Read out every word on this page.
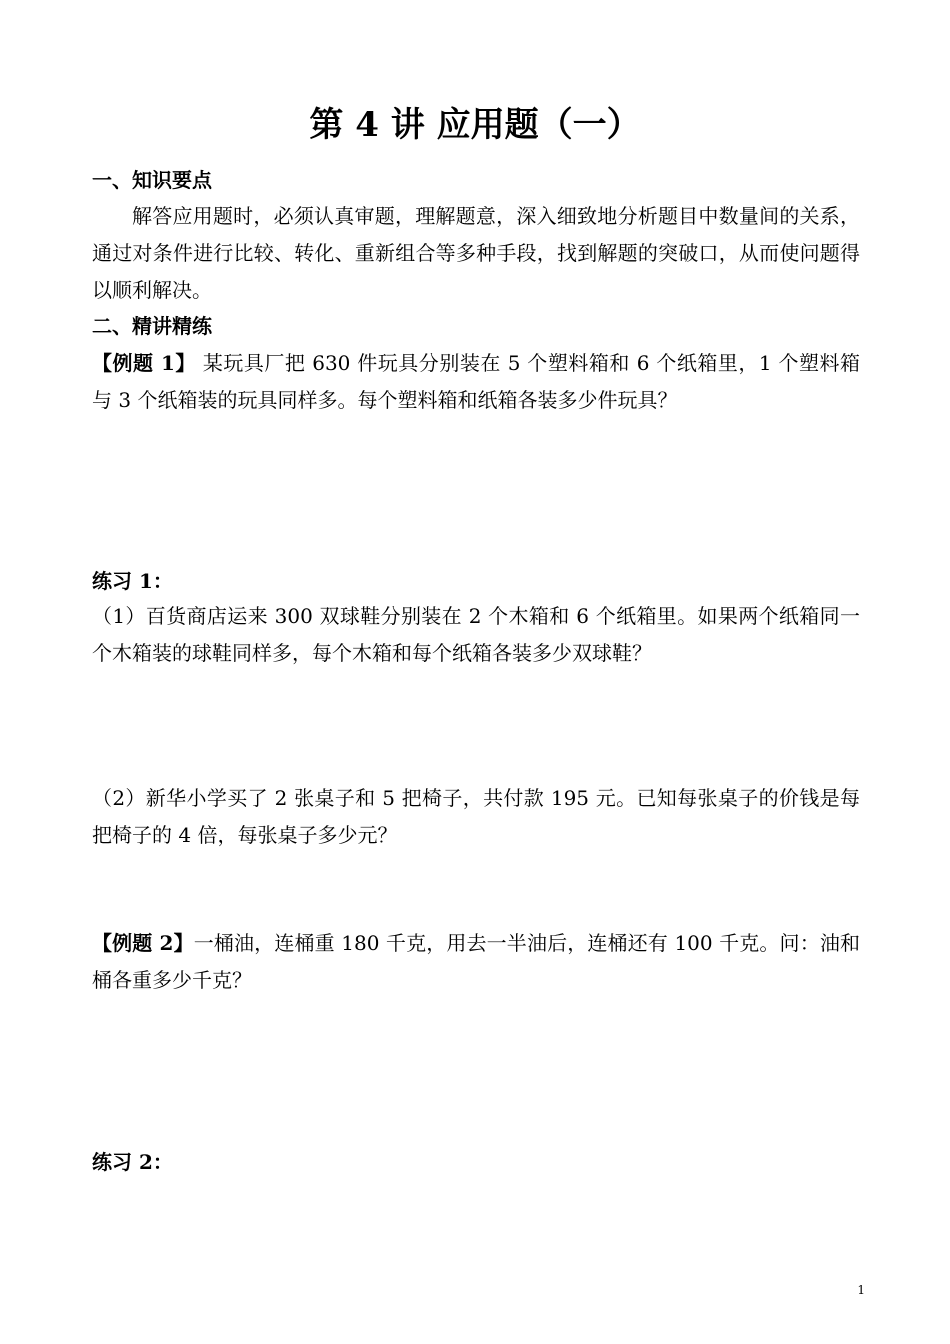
第 4 讲 应用题（一）
一、知识要点

解答应用题时，必须认真审题，理解题意，深入细致地分析题目中数量间的关系，通过对条件进行比较、转化、重新组合等多种手段，找到解题的突破口，从而使问题得以顺利解决。

二、精讲精练

【例题 1】 某玩具厂把 630 件玩具分别装在 5 个塑料箱和 6 个纸箱里，1 个塑料箱与 3 个纸箱装的玩具同样多。每个塑料箱和纸箱各装多少件玩具？

练习 1：

（1）百货商店运来 300 双球鞋分别装在 2 个木箱和 6 个纸箱里。如果两个纸箱同一个木箱装的球鞋同样多，每个木箱和每个纸箱各装多少双球鞋？

（2）新华小学买了 2 张桌子和 5 把椅子，共付款 195 元。已知每张桌子的价钱是每把椅子的 4 倍，每张桌子多少元？

【例题 2】一桶油，连桶重 180 千克，用去一半油后，连桶还有 100 千克。问：油和桶各重多少千克？

练习 2：
1
